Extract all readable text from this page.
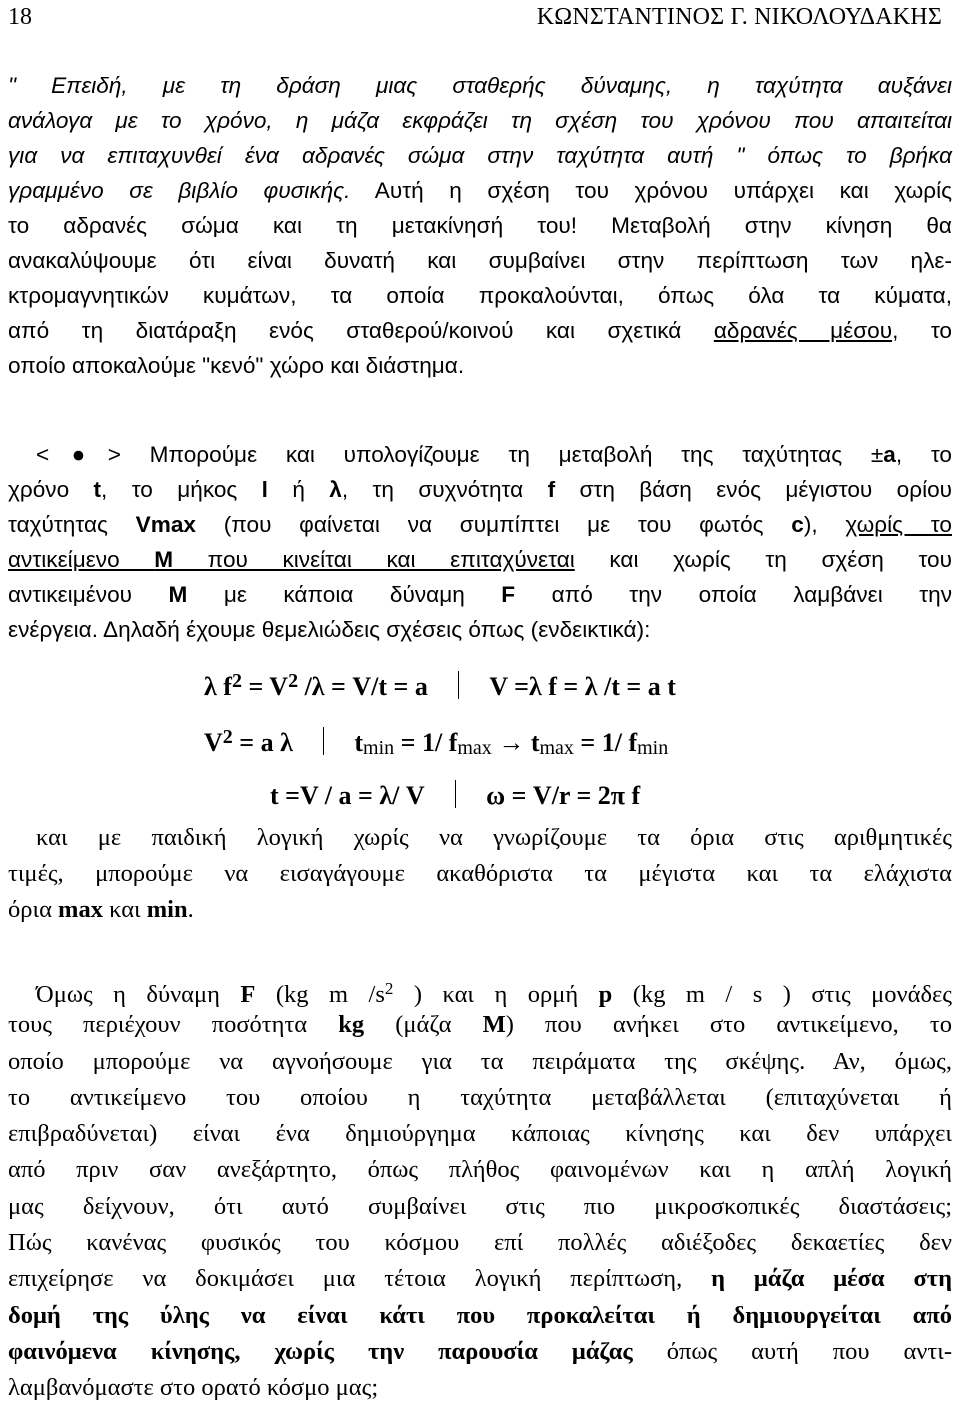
18	ΚΩΝΣΤΑΝΤΙΝΟΣ Γ. ΝΙΚΟΛΟΥΔΑΚΗΣ
" Επειδή, με τη δράση μιας σταθερής δύναμης, η ταχύτητα αυξάνει
ανάλογα με το χρόνο, η μάζα εκφράζει τη σχέση του χρόνου που απαιτείται
για να επιταχυνθεί ένα αδρανές σώμα στην ταχύτητα αυτή " όπως το βρήκα
γραμμένο σε βιβλίο φυσικής. Αυτή η σχέση του χρόνου υπάρχει και χωρίς
το αδρανές σώμα και τη μετακίνησή του! Μεταβολή στην κίνηση θα
ανακαλύψουμε ότι είναι δυνατή και συμβαίνει στην περίπτωση των ηλε-
κτρομαγνητικών κυμάτων, τα οποία προκαλούνται, όπως όλα τα κύματα,
από τη διατάραξη ενός σταθερού/κοινού και σχετικά αδρανές μέσου, το
οποίο αποκαλούμε "κενό" χώρο και διάστημα.
<●> Μπορούμε και υπολογίζουμε τη μεταβολή της ταχύτητας ±a, το
χρόνο t, το μήκος l ή λ, τη συχνότητα f στη βάση ενός μέγιστου ορίου
ταχύτητας Vmax (που φαίνεται να συμπίπτει με του φωτός c), χωρίς το
αντικείμενο M που κινείται και επιταχύνεται και χωρίς τη σχέση του
αντικειμένου M με κάποια δύναμη F από την οποία λαμβάνει την
ενέργεια. Δηλαδή έχουμε θεμελιώδεις σχέσεις όπως (ενδεικτικά):
λ $f^2 = V^2$ /λ = V/t = a V =λ f = λ /t = a t
$V^2 = a$ λ $t_{min} = 1/$ $f_{max} \to t_{max} = 1/$ $f_{min}$
t =V / a = λ/ V ω = V/r = 2π f
και με παιδική λογική χωρίς να γνωρίζουμε τα όρια στις αριθμητικές
τιμές, μπορούμε να εισαγάγουμε ακαθόριστα τα μέγιστα και τα ελάχιστα
όρια max και min.
Όμως η δύναμη F (kg m $/s^2$ ) και η ορμή p (kg m / s ) στις μονάδες
τους περιέχουν ποσότητα kg (μάζα M) που ανήκει στο αντικείμενο, το
οποίο μπορούμε να αγνοήσουμε για τα πειράματα της σκέψης. Αν, όμως,
το αντικείμενο του οποίου η ταχύτητα μεταβάλλεται (επιταχύνεται ή
επιβραδύνεται) είναι ένα δημιούργημα κάποιας κίνησης και δεν υπάρχει
από πριν σαν ανεξάρτητο, όπως πλήθος φαινομένων και η απλή λογική
μας δείχνουν, ότι αυτό συμβαίνει στις πιο μικροσκοπικές διαστάσεις;
Πώς κανένας φυσικός του κόσμου επί πολλές αδιέξοδες δεκαετίες δεν
επιχείρησε να δοκιμάσει μια τέτοια λογική περίπτωση, η μάζα μέσα στη
δομή της ύλης να είναι κάτι που προκαλείται ή δημιουργείται από
φαινόμενα κίνησης, χωρίς την παρουσία μάζας όπως αυτή που αντι-
λαμβανόμαστε στο ορατό κόσμο μας;
